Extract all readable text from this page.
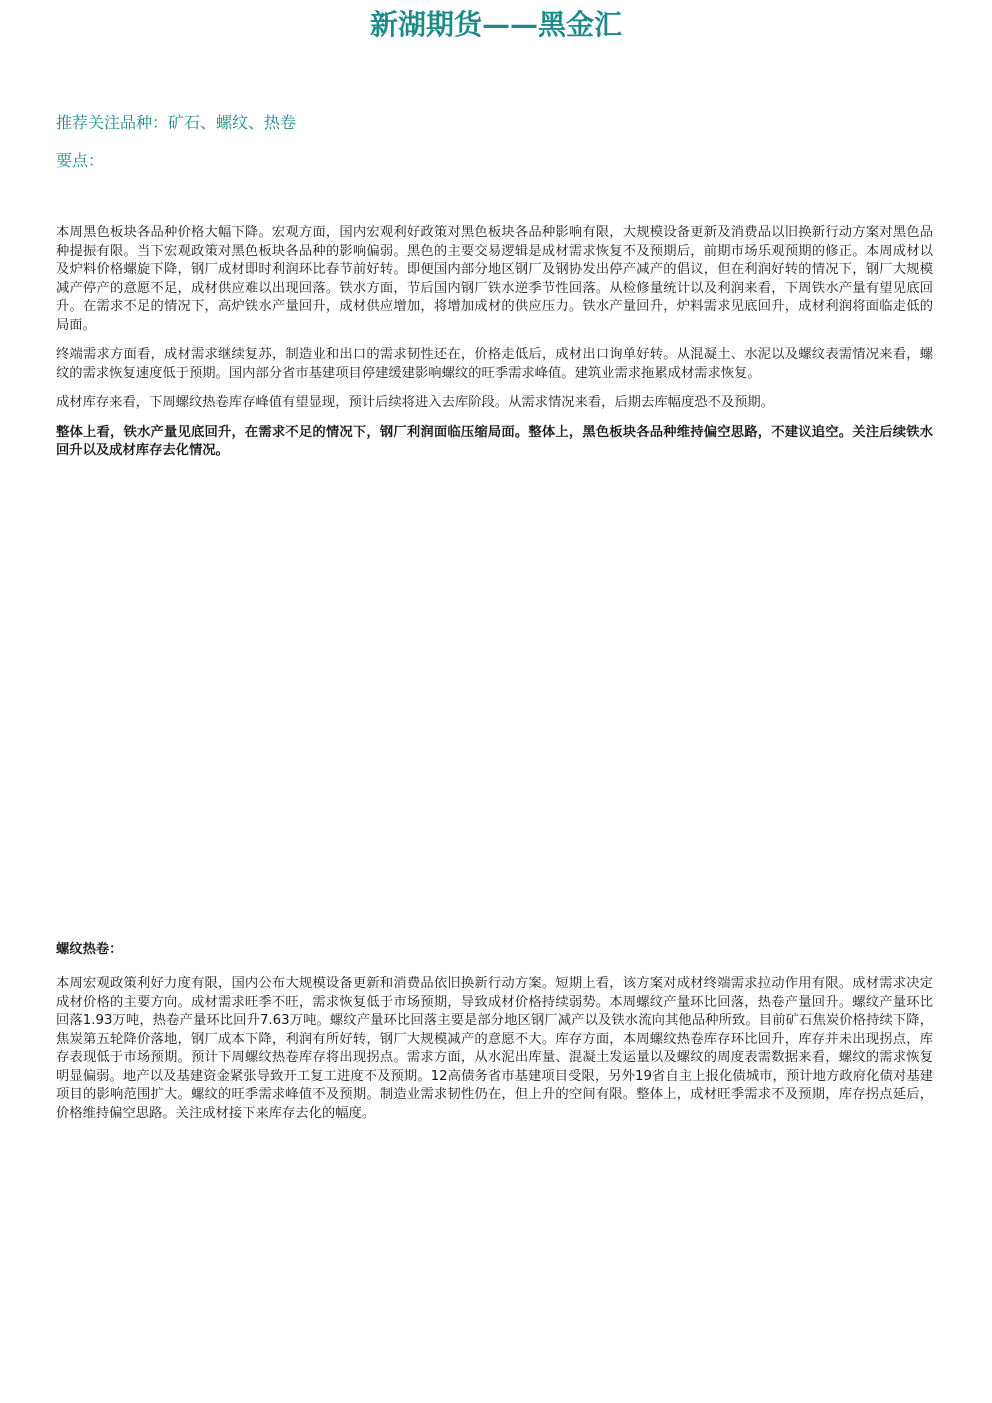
新湖期货——黑金汇

推荐关注品种：矿石、螺纹、热卷

要点：

本周黑色板块各品种价格大幅下降。宏观方面，国内宏观利好政策对黑色板块各品种影响有限，大规模设备更新及消费品以旧换新行动方案对黑色品种提振有限。当下宏观政策对黑色板块各品种的影响偏弱。黑色的主要交易逻辑是成材需求恢复不及预期后，前期市场乐观预期的修正。本周成材以及炉料价格螺旋下降，钢厂成材即时利润环比春节前好转。即便国内部分地区钢厂及钢协发出停产减产的倡议，但在利润好转的情况下，钢厂大规模减产停产的意愿不足，成材供应难以出现回落。铁水方面，节后国内钢厂铁水逆季节性回落。从检修量统计以及利润来看，下周铁水产量有望见底回升。在需求不足的情况下，高炉铁水产量回升，成材供应增加，将增加成材的供应压力。铁水产量回升，炉料需求见底回升，成材利润将面临走低的局面。

终端需求方面看，成材需求继续复苏，制造业和出口的需求韧性还在，价格走低后，成材出口询单好转。从混凝土、水泥以及螺纹表需情况来看，螺纹的需求恢复速度低于预期。国内部分省市基建项目停建缓建影响螺纹的旺季需求峰值。建筑业需求拖累成材需求恢复。

成材库存来看，下周螺纹热卷库存峰值有望显现，预计后续将进入去库阶段。从需求情况来看，后期去库幅度恐不及预期。

整体上看，铁水产量见底回升，在需求不足的情况下，钢厂利润面临压缩局面。整体上，黑色板块各品种维持偏空思路，不建议追空。关注后续铁水回升以及成材库存去化情况。

螺纹热卷：

本周宏观政策利好力度有限，国内公布大规模设备更新和消费品依旧换新行动方案。短期上看，该方案对成材终端需求拉动作用有限。成材需求决定成材价格的主要方向。成材需求旺季不旺，需求恢复低于市场预期，导致成材价格持续弱势。本周螺纹产量环比回落，热卷产量回升。螺纹产量环比回落1.93万吨，热卷产量环比回升7.63万吨。螺纹产量环比回落主要是部分地区钢厂减产以及铁水流向其他品种所致。目前矿石焦炭价格持续下降，焦炭第五轮降价落地，钢厂成本下降，利润有所好转，钢厂大规模减产的意愿不大。库存方面，本周螺纹热卷库存环比回升，库存并未出现拐点，库存表现低于市场预期。预计下周螺纹热卷库存将出现拐点。需求方面，从水泥出库量、混凝土发运量以及螺纹的周度表需数据来看，螺纹的需求恢复明显偏弱。地产以及基建资金紧张导致开工复工进度不及预期。12高债务省市基建项目受限，另外19省自主上报化债城市，预计地方政府化债对基建项目的影响范围扩大。螺纹的旺季需求峰值不及预期。制造业需求韧性仍在，但上升的空间有限。整体上，成材旺季需求不及预期，库存拐点延后，价格维持偏空思路。关注成材接下来库存去化的幅度。
